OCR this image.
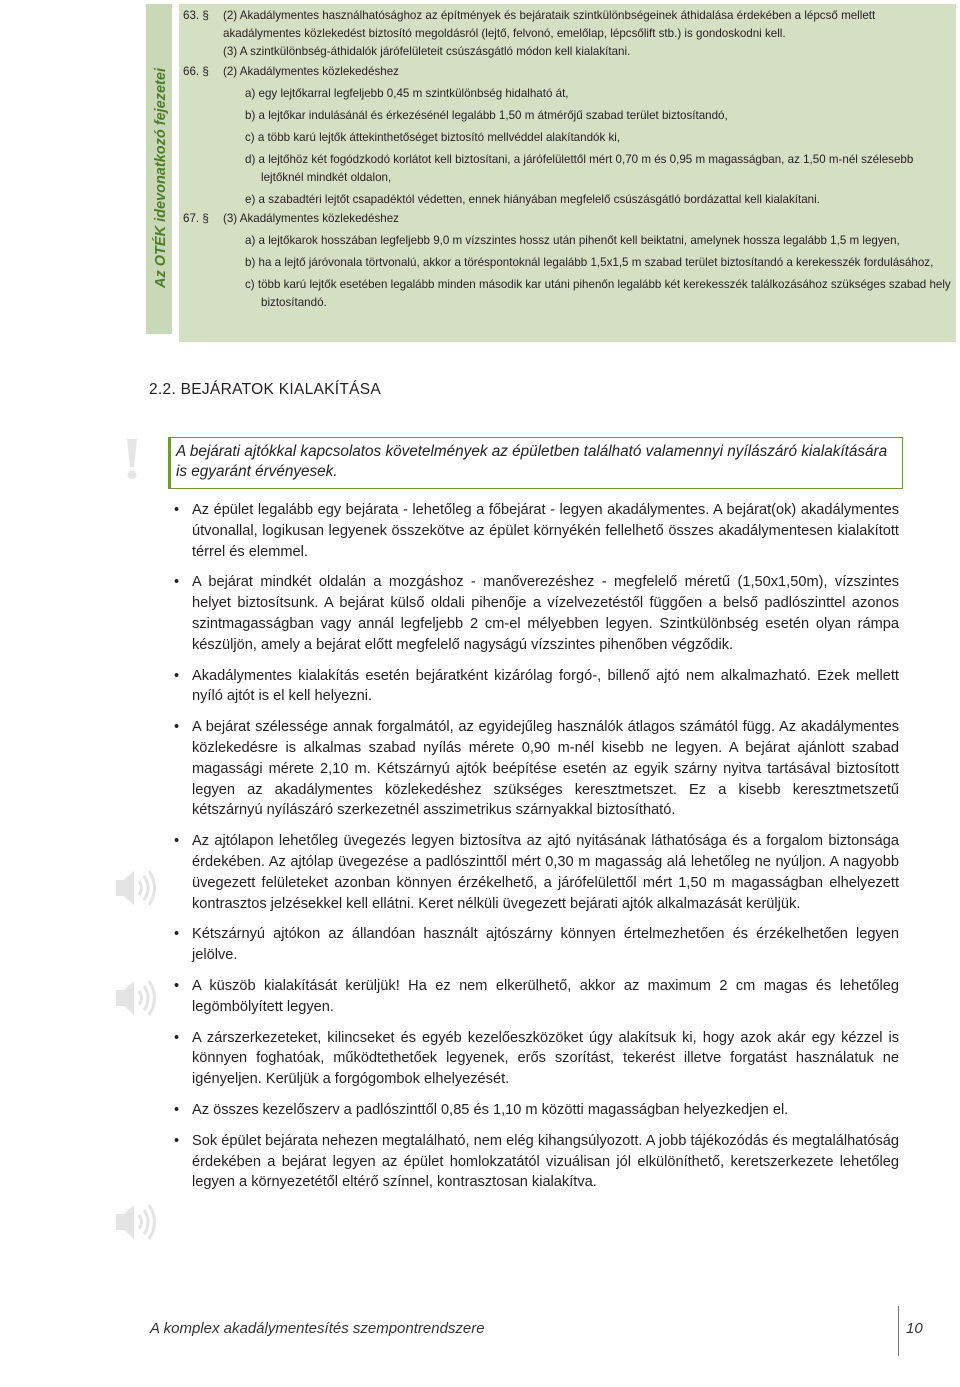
Az OTÉK idevonatkozó fejezetei
63. §	(2) Akadálymentes használhatósághoz az építmények és bejárataik szintkülönbségeinek áthidalása érdekében a lépcső mellett akadálymentes közlekedést biztosító megoldásról (lejtő, felvonó, emelőlap, lépcsőlift stb.) is gondoskodni kell.
(3) A szintkülönbség-áthidalók járófelületeit csúszásgátló módon kell kialakítani.
66. §	(2) Akadálymentes közlekedéshez
a) egy lejtőkarral legfeljebb 0,45 m szintkülönbség hidalható át,
b) a lejtőkar indulásánál és érkezésénél legalább 1,50 m átmérőjű szabad terület biztosítandó,
c) a több karú lejtők áttekinthetőséget biztosító mellvéddel alakítandók ki,
d) a lejtőhöz két fogódzkodó korlátot kell biztosítani, a járófelülettől mért 0,70 m és 0,95 m magasságban, az 1,50 m-nél szélesebb lejtőknél mindkét oldalon,
e) a szabadtéri lejtőt csapadéktól védetten, ennek hiányában megfelelő csúszásgátló bordázattal kell kialakítani.
67. §	(3) Akadálymentes közlekedéshez
a) a lejtőkarok hosszában legfeljebb 9,0 m vízszintes hossz után pihenőt kell beiktatni, amelynek hossza legalább 1,5 m legyen,
b) ha a lejtő járóvonala törtvonalú, akkor a töréspontoknál legalább 1,5x1,5 m szabad terület biztosítandó a kerekesszék fordulásához,
c) több karú lejtők esetében legalább minden második kar utáni pihenőn legalább két kerekesszék találkozásához szükséges szabad hely biztosítandó.
2.2. BEJÁRATOK KIALAKÍTÁSA
A bejárati ajtókkal kapcsolatos követelmények az épületben található valamennyi nyílászáró kialakítására is egyaránt érvényesek.
• Az épület legalább egy bejárata - lehetőleg a főbejárat - legyen akadálymentes. A bejárat(ok) akadálymentes útvonallal, logikusan legyenek összekötve az épület környékén fellelhető összes akadálymentesen kialakított térrel és elemmel.
• A bejárat mindkét oldalán a mozgáshoz - manőverezéshez - megfelelő méretű (1,50x1,50m), vízszintes helyet biztosítsunk. A bejárat külső oldali pihenője a vízelvezetéstől függően a belső padlószinttel azonos szintmagasságban vagy annál legfeljebb 2 cm-el mélyebben legyen. Szintkülönbség esetén olyan rámpa készüljön, amely a bejárat előtt megfelelő nagyságú vízszintes pihenőben végződik.
• Akadálymentes kialakítás esetén bejáratként kizárólag forgó-, billenő ajtó nem alkalmazható. Ezek mellett nyíló ajtót is el kell helyezni.
• A bejárat szélessége annak forgalmától, az egyidejűleg használók átlagos számától függ. Az akadálymentes közlekedésre is alkalmas szabad nyílás mérete 0,90 m-nél kisebb ne legyen. A bejárat ajánlott szabad magassági mérete 2,10 m. Kétszárnyú ajtók beépítése esetén az egyik szárny nyitva tartásával biztosított legyen az akadálymentes közlekedéshez szükséges keresztmetszet. Ez a kisebb keresztmetszetű kétszárnyú nyílászáró szerkezetnél asszimetrikus szárnyakkal biztosítható.
• Az ajtólapon lehetőleg üvegezés legyen biztosítva az ajtó nyitásának láthatósága és a forgalom biztonsága érdekében. Az ajtólap üvegezése a padlószinttől mért 0,30 m magasság alá lehetőleg ne nyúljon. A nagyobb üvegezett felületeket azonban könnyen érzékelhető, a járófelülettől mért 1,50 m magasságban elhelyezett kontrasztos jelzésekkel kell ellátni. Keret nélküli üvegezett bejárati ajtók alkalmazását kerüljük.
• Kétszárnyú ajtókon az állandóan használt ajtószárny könnyen értelmezhetően és érzékelhetően legyen jelölve.
• A küszöb kialakítását kerüljük! Ha ez nem elkerülhető, akkor az maximum 2 cm magas és lehetőleg legömbölyített legyen.
• A zárszerkezeteket, kilincseket és egyéb kezelőeszközöket úgy alakítsuk ki, hogy azok akár egy kézzel is könnyen foghatóak, működtethetőek legyenek, erős szorítást, tekerést illetve forgatást használatuk ne igényeljen. Kerüljük a forgógombok elhelyezését.
• Az összes kezelőszerv a padlószinttől 0,85 és 1,10 m közötti magasságban helyezkedjen el.
• Sok épület bejárata nehezen megtalálható, nem elég kihangsúlyozott. A jobb tájékozódás és megtalálhatóság érdekében a bejárat legyen az épület homlokzatától vizuálisan jól elkülöníthető, keretszerkezete lehetőleg legyen a környezetétől eltérő színnel, kontrasztosan kialakítva.
A komplex akadálymentesítés szempontrendszere	10
